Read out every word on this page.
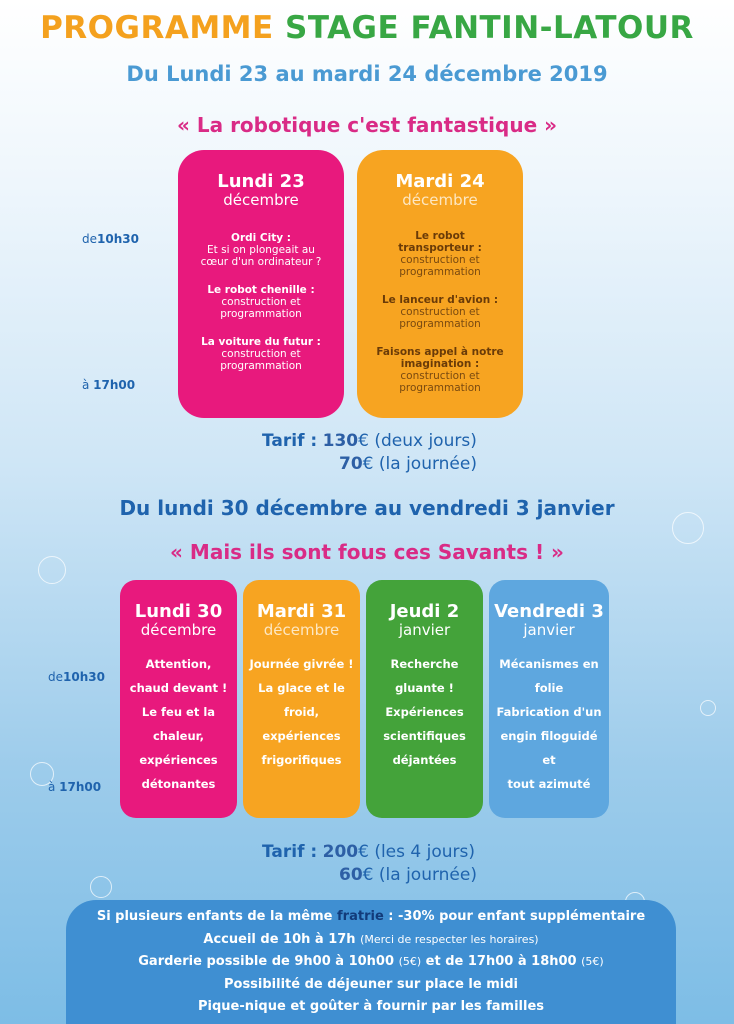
PROGRAMME STAGE FANTIN-LATOUR
Du Lundi 23 au mardi 24 décembre 2019
« La robotique c'est fantastique »
de10h30
à 17h00
Lundi 23
décembre
Ordi City :
Et si on plongeait au cœur d'un ordinateur ?
Le robot chenille :
construction et programmation
La voiture du futur :
construction et programmation
Mardi 24
décembre
Le robot transporteur :
construction et programmation
Le lanceur d'avion :
construction et programmation
Faisons appel à notre imagination :
construction et programmation
Tarif : 130€ (deux jours)
70€ (la journée)
Du lundi 30 décembre au vendredi 3 janvier
« Mais ils sont fous ces Savants ! »
de10h30
à 17h00
Lundi 30
décembre
Attention,
chaud devant !
Le feu et la chaleur,
expériences
détonantes
Mardi 31
décembre
Journée givrée !
La glace et le
froid, expériences
frigorifiques
Jeudi 2
janvier
Recherche gluante !
Expériences
scientifiques
déjantées
Vendredi 3
janvier
Mécanismes en folie
Fabrication d'un
engin filoguidé et
tout azimuté
Tarif : 200€ (les 4 jours)
60€ (la journée)
Si plusieurs enfants de la même fratrie : -30% pour enfant supplémentaire
Accueil de 10h à 17h (Merci de respecter les horaires)
Garderie possible de 9h00 à 10h00 (5€) et de 17h00 à 18h00 (5€)
Possibilité de déjeuner sur place le midi
Pique-nique et goûter à fournir par les familles
